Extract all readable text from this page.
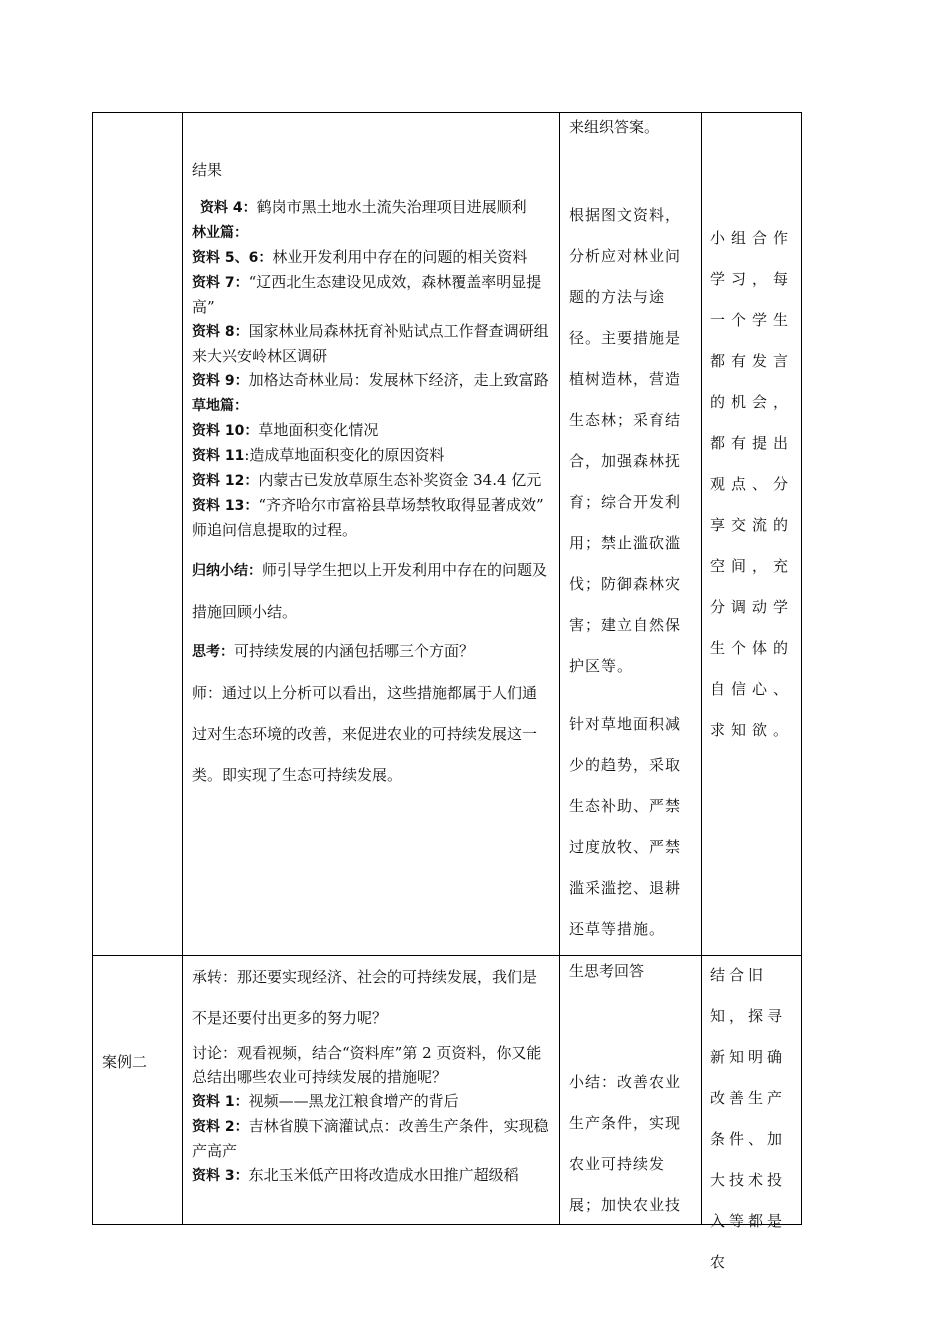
结果

资料 4：鹤岗市黑土地水土流失治理项目进展顺利

林业篇：

资料 5、6：林业开发利用中存在的问题的相关资料

资料 7：“辽西北生态建设见成效，森林覆盖率明显提高”

资料 8：国家林业局森林抚育补贴试点工作督查调研组来大兴安岭林区调研

资料 9：加格达奇林业局：发展林下经济，走上致富路

草地篇：

资料 10：草地面积变化情况

资料 11:造成草地面积变化的原因资料

资料 12：内蒙古已发放草原生态补奖资金 34.4 亿元

资料 13：“齐齐哈尔市富裕县草场禁牧取得显著成效”

师追问信息提取的过程。

归纳小结：师引导学生把以上开发利用中存在的问题及措施回顾小结。

思考：可持续发展的内涵包括哪三个方面？

师：通过以上分析可以看出，这些措施都属于人们通过对生态环境的改善，来促进农业的可持续发展这一类。即实现了生态可持续发展。

来组织答案。
根据图文资料，分析应对林业问题的方法与途径。主要措施是植树造林，营造生态林；采育结合，加强森林抚育；综合开发利用；禁止滥砍滥伐；防御森林灾害；建立自然保护区等。
针对草地面积减少的趋势，采取生态补助、严禁过度放牧、严禁滥采滥挖、退耕还草等措施。
小组合作学习，每一个学生都有发言的机会，都有提出观点、分享交流的空间，充分调动学生个体的自信心、求知欲。
案例二

承转：那还要实现经济、社会的可持续发展，我们是不是还要付出更多的努力呢？

讨论：观看视频，结合“资料库”第 2 页资料，你又能总结出哪些农业可持续发展的措施呢？

资料 1：视频——黑龙江粮食增产的背后

资料 2：吉林省膜下滴灌试点：改善生产条件，实现稳产高产

资料 3：东北玉米低产田将改造成水田推广超级稻

生思考回答
小结：改善农业生产条件，实现农业可持续发展；加快农业技
结合旧知，探寻新知明确改善生产条件、加大技术投入等都是农
